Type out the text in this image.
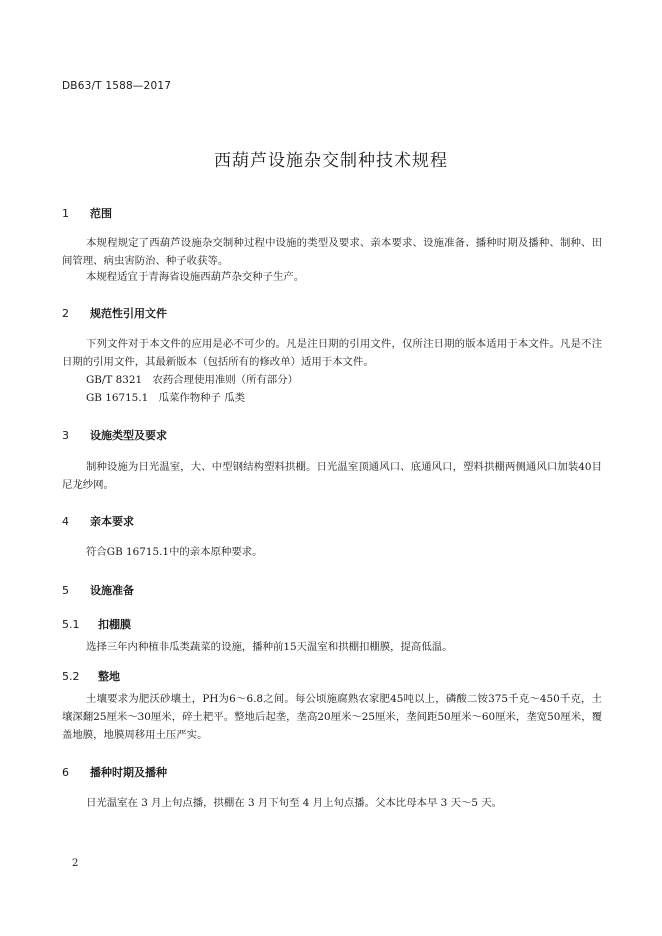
DB63/T 1588—2017
西葫芦设施杂交制种技术规程
1 范围
本规程规定了西葫芦设施杂交制种过程中设施的类型及要求、亲本要求、设施准备、播种时期及播种、制种、田间管理、病虫害防治、种子收获等。
本规程适宜于青海省设施西葫芦杂交种子生产。
2 规范性引用文件
下列文件对于本文件的应用是必不可少的。凡是注日期的引用文件，仅所注日期的版本适用于本文件。凡是不注日期的引用文件，其最新版本（包括所有的修改单）适用于本文件。
GB/T 8321　农药合理使用准则（所有部分）
GB 16715.1　瓜菜作物种子 瓜类
3 设施类型及要求
制种设施为日光温室，大、中型钢结构塑料拱棚。日光温室顶通风口、底通风口，塑料拱棚两侧通风口加装40目尼龙纱网。
4 亲本要求
符合GB 16715.1中的亲本原种要求。
5 设施准备
5.1 扣棚膜
选择三年内种植非瓜类蔬菜的设施，播种前15天温室和拱棚扣棚膜，提高低温。
5.2 整地
土壤要求为肥沃砂壤土，PH为6～6.8之间。每公顷施腐熟农家肥45吨以上，磷酸二铵375千克～450千克，土壤深翻25厘米～30厘米，碎土耙平。整地后起垄，垄高20厘米～25厘米，垄间距50厘米～60厘米，垄宽50厘米，覆盖地膜，地膜周移用土压严实。
6 播种时期及播种
日光温室在 3 月上旬点播，拱棚在 3 月下旬至 4 月上旬点播。父本比母本早 3 天～5 天。
2
